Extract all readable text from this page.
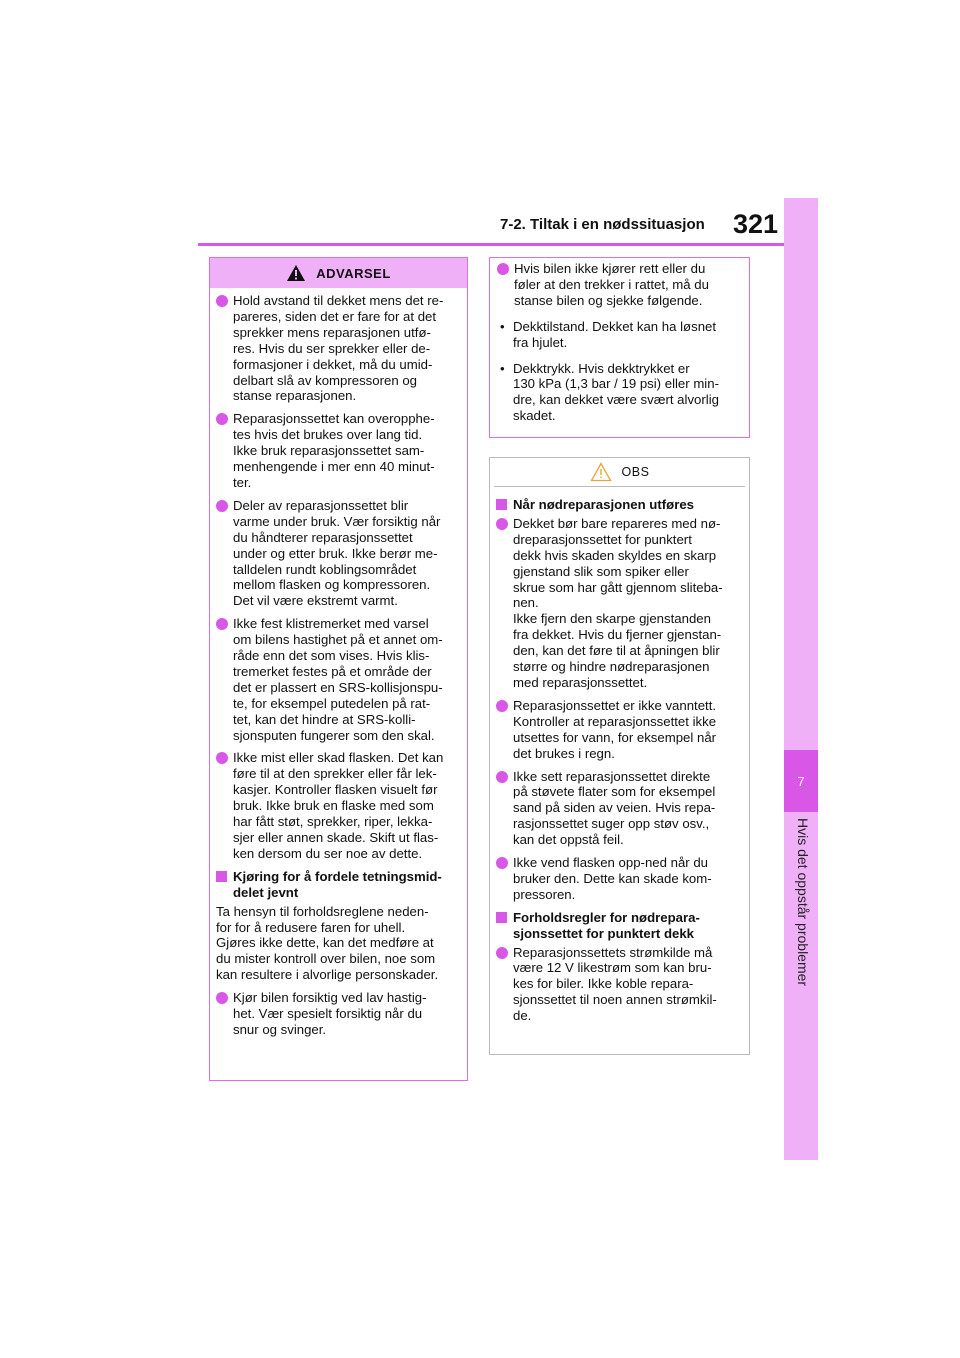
7-2. Tiltak i en nødssituasjon 321
7
Hvis det oppstår problemer
ADVARSEL

Hold avstand til dekket mens det re-
pareres, siden det er fare for at det
sprekker mens reparasjonen utfø-
res. Hvis du ser sprekker eller de-
formasjoner i dekket, må du umid-
delbart slå av kompressoren og
stanse reparasjonen.

Reparasjonssettet kan overopphe-
tes hvis det brukes over lang tid.
Ikke bruk reparasjonssettet sam-
menhengende i mer enn 40 minut-
ter.

Deler av reparasjonssettet blir
varme under bruk. Vær forsiktig når
du håndterer reparasjonssettet
under og etter bruk. Ikke berør me-
talldelen rundt koblingsområdet
mellom flasken og kompressoren.
Det vil være ekstremt varmt.

Ikke fest klistremerket med varsel
om bilens hastighet på et annet om-
råde enn det som vises. Hvis klis-
tremerket festes på et område der
det er plassert en SRS-kollisjonspu-
te, for eksempel putedelen på rat-
tet, kan det hindre at SRS-kolli-
sjonsputen fungerer som den skal.

Ikke mist eller skad flasken. Det kan
føre til at den sprekker eller får lek-
kasjer. Kontroller flasken visuelt før
bruk. Ikke bruk en flaske med som
har fått støt, sprekker, riper, lekka-
sjer eller annen skade. Skift ut flas-
ken dersom du ser noe av dette.

Kjøring for å fordele tetningsmid-
delet jevnt

Ta hensyn til forholdsreglene neden-
for for å redusere faren for uhell.
Gjøres ikke dette, kan det medføre at
du mister kontroll over bilen, noe som
kan resultere i alvorlige personskader.

Kjør bilen forsiktig ved lav hastig-
het. Vær spesielt forsiktig når du
snur og svinger.

Hvis bilen ikke kjører rett eller du
føler at den trekker i rattet, må du
stanse bilen og sjekke følgende.

• Dekktilstand. Dekket kan ha løsnet
fra hjulet.
• Dekktrykk. Hvis dekktrykket er
130 kPa (1,3 bar / 19 psi) eller min-
dre, kan dekket være svært alvorlig
skadet.
OBS
Når nødreparasjonen utføres

Dekket bør bare repareres med nø-
dreparasjonssettet for punktert
dekk hvis skaden skyldes en skarp
gjenstand slik som spiker eller
skrue som har gått gjennom sliteba-
nen.
Ikke fjern den skarpe gjenstanden
fra dekket. Hvis du fjerner gjenstan-
den, kan det føre til at åpningen blir
større og hindre nødreparasjonen
med reparasjonssettet.

Reparasjonssettet er ikke vanntett.
Kontroller at reparasjonssettet ikke
utsettes for vann, for eksempel når
det brukes i regn.

Ikke sett reparasjonssettet direkte
på støvete flater som for eksempel
sand på siden av veien. Hvis repa-
rasjonssettet suger opp støv osv.,
kan det oppstå feil.

Ikke vend flasken opp-ned når du
bruker den. Dette kan skade kom-
pressoren.

Forholdsregler for nødrepara-
sjonssettet for punktert dekk

Reparasjonssettets strømkilde må
være 12 V likestrøm som kan bru-
kes for biler. Ikke koble repara-
sjonssettet til noen annen strømkil-
de.
